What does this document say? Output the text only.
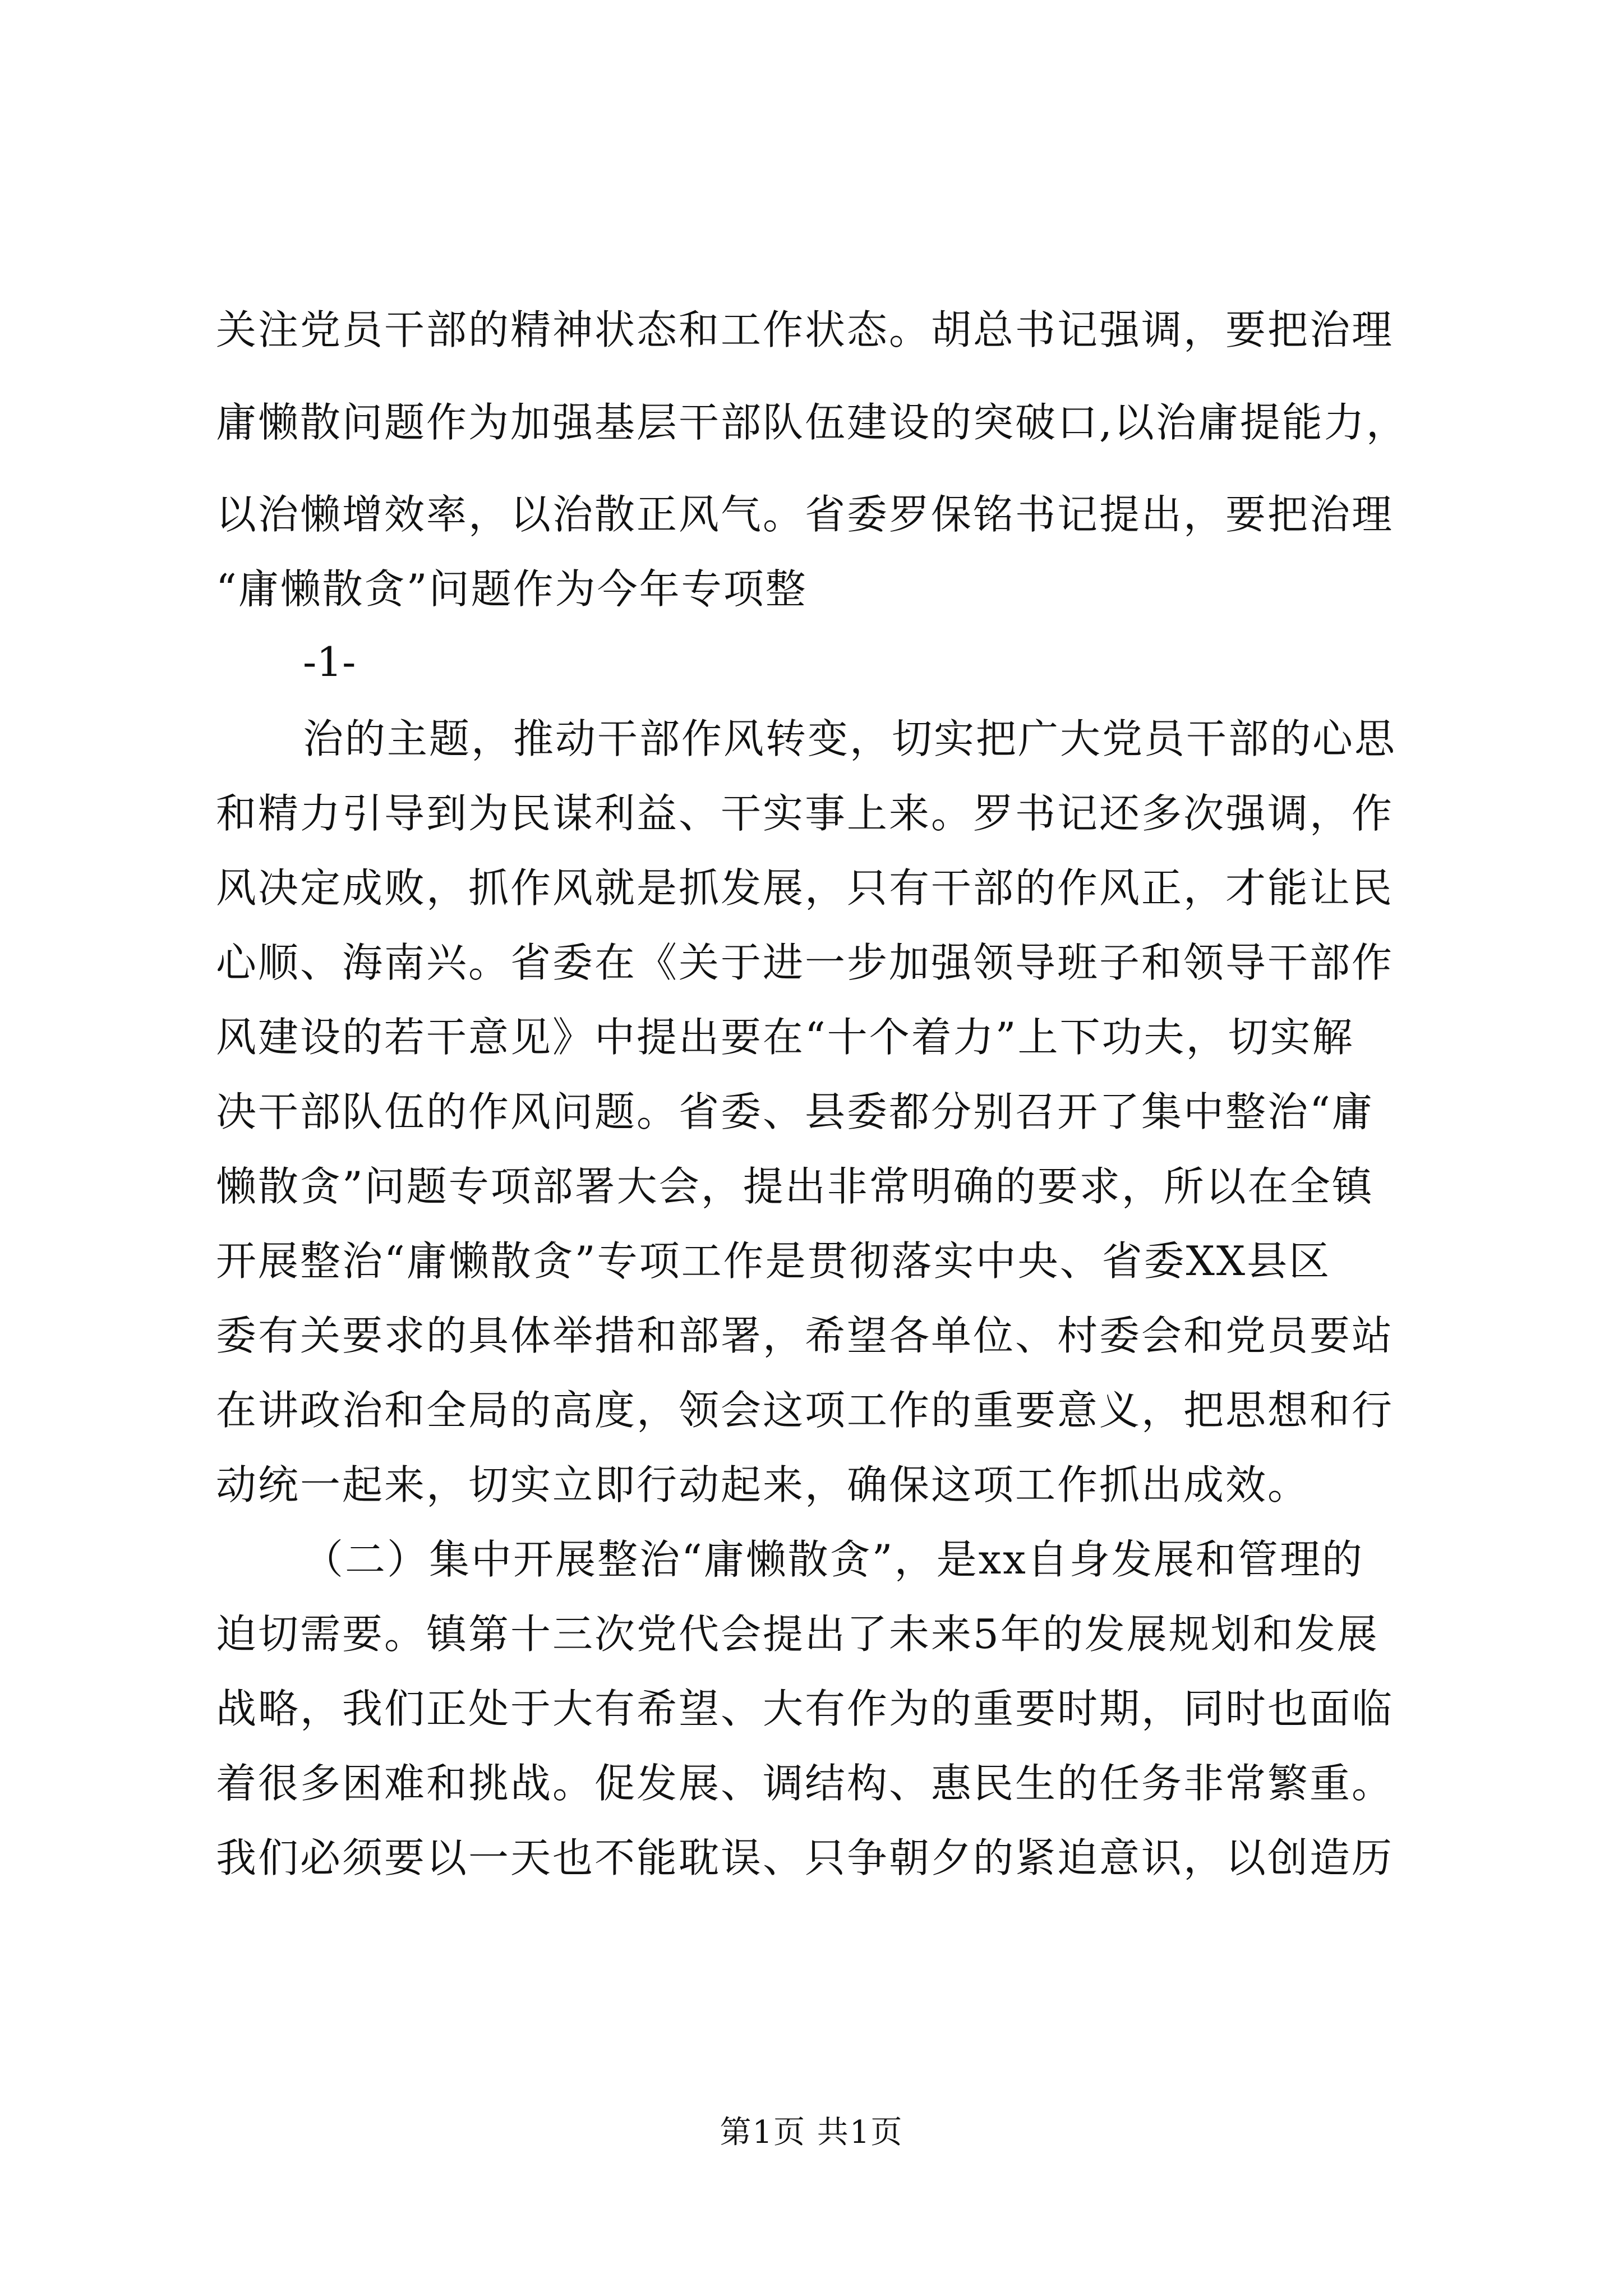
关注党员干部的精神状态和工作状态。胡总书记强调，要把治理
庸懒散问题作为加强基层干部队伍建设的突破口,以治庸提能力，
以治懒增效率，以治散正风气。省委罗保铭书记提出，要把治理
“庸懒散贪”问题作为今年专项整
-1-
治的主题，推动干部作风转变，切实把广大党员干部的心思
和精力引导到为民谋利益、干实事上来。罗书记还多次强调，作
风决定成败，抓作风就是抓发展，只有干部的作风正，才能让民
心顺、海南兴。省委在《关于进一步加强领导班子和领导干部作
风建设的若干意见》中提出要在“十个着力”上下功夫，切实解
决干部队伍的作风问题。省委、县委都分别召开了集中整治“庸
懒散贪”问题专项部署大会，提出非常明确的要求，所以在全镇
开展整治“庸懒散贪”专项工作是贯彻落实中央、省委XX县区
委有关要求的具体举措和部署，希望各单位、村委会和党员要站
在讲政治和全局的高度，领会这项工作的重要意义，把思想和行
动统一起来，切实立即行动起来，确保这项工作抓出成效。
（二）集中开展整治“庸懒散贪”，是xx自身发展和管理的
迫切需要。镇第十三次党代会提出了未来5年的发展规划和发展
战略，我们正处于大有希望、大有作为的重要时期，同时也面临
着很多困难和挑战。促发展、调结构、惠民生的任务非常繁重。
我们必须要以一天也不能耽误、只争朝夕的紧迫意识，以创造历
第1页 共1页
